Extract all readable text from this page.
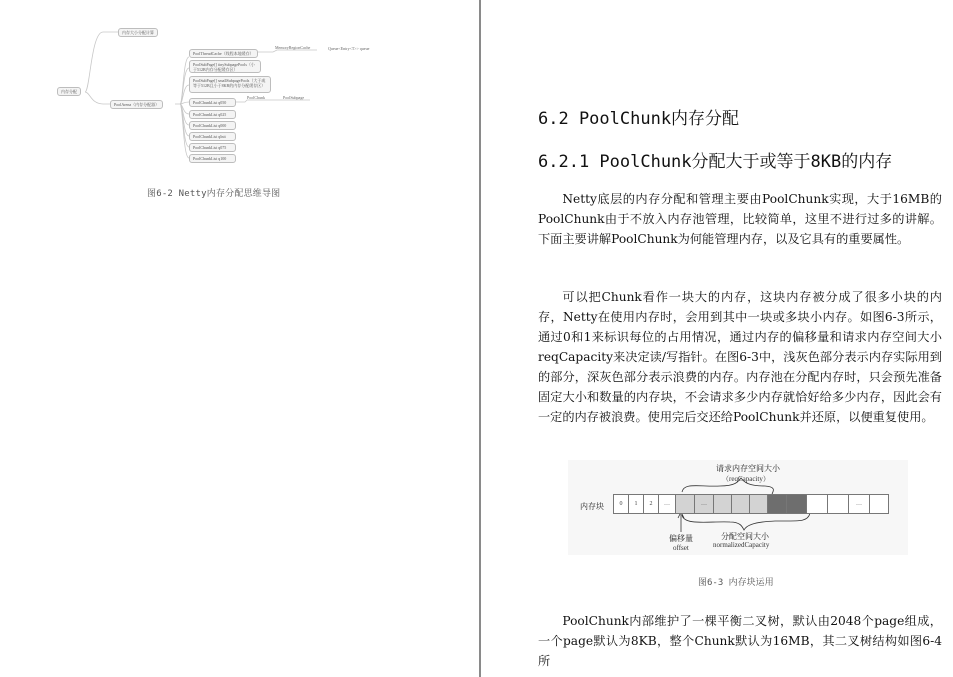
内存分配
内存大小分配计算
PoolArena（内存分配器）
PoolThreadCache（线程本地缓存）
PoolSubPage[] tinySubpagePools（小于512B内存分配缓存区）
PoolSubPage[] smallSubpagePools（大于或等于512B且小于8KB的内存分配缓存区）
PoolChunkList q050
PoolChunkList q025
PoolChunkList q000
PoolChunkList qInit
PoolChunkList q075
PoolChunkList q100
MemoryRegionCache	Queue<Entry<T>> queue
PoolChunk	PoolSubpage
图6-2 Netty内存分配思维导图
6.2 PoolChunk内存分配
6.2.1 PoolChunk分配大于或等于8KB的内存

Netty底层的内存分配和管理主要由PoolChunk实现，大于16MB的PoolChunk由于不放入内存池管理，比较简单，这里不进行过多的讲解。下面主要讲解PoolChunk为何能管理内存，以及它具有的重要属性。

可以把Chunk看作一块大的内存，这块内存被分成了很多小块的内存，Netty在使用内存时，会用到其中一块或多块小内存。如图6-3所示，通过0和1来标识每位的占用情况，通过内存的偏移量和请求内存空间大小reqCapacity来决定读/写指针。在图6-3中，浅灰色部分表示内存实际用到的部分，深灰色部分表示浪费的内存。内存池在分配内存时，只会预先准备固定大小和数量的内存块，不会请求多少内存就恰好给多少内存，因此会有一定的内存被浪费。使用完后交还给PoolChunk并还原，以便重复使用。

请求内存空间大小
（reqCapacity）
内存块	0	1	2	…	…	…
偏移量
offset
分配空间大小
normalizedCapacity
图6-3 内存块运用

PoolChunk内部维护了一棵平衡二叉树，默认由2048个page组成，一个page默认为8KB，整个Chunk默认为16MB，其二叉树结构如图6-4所
